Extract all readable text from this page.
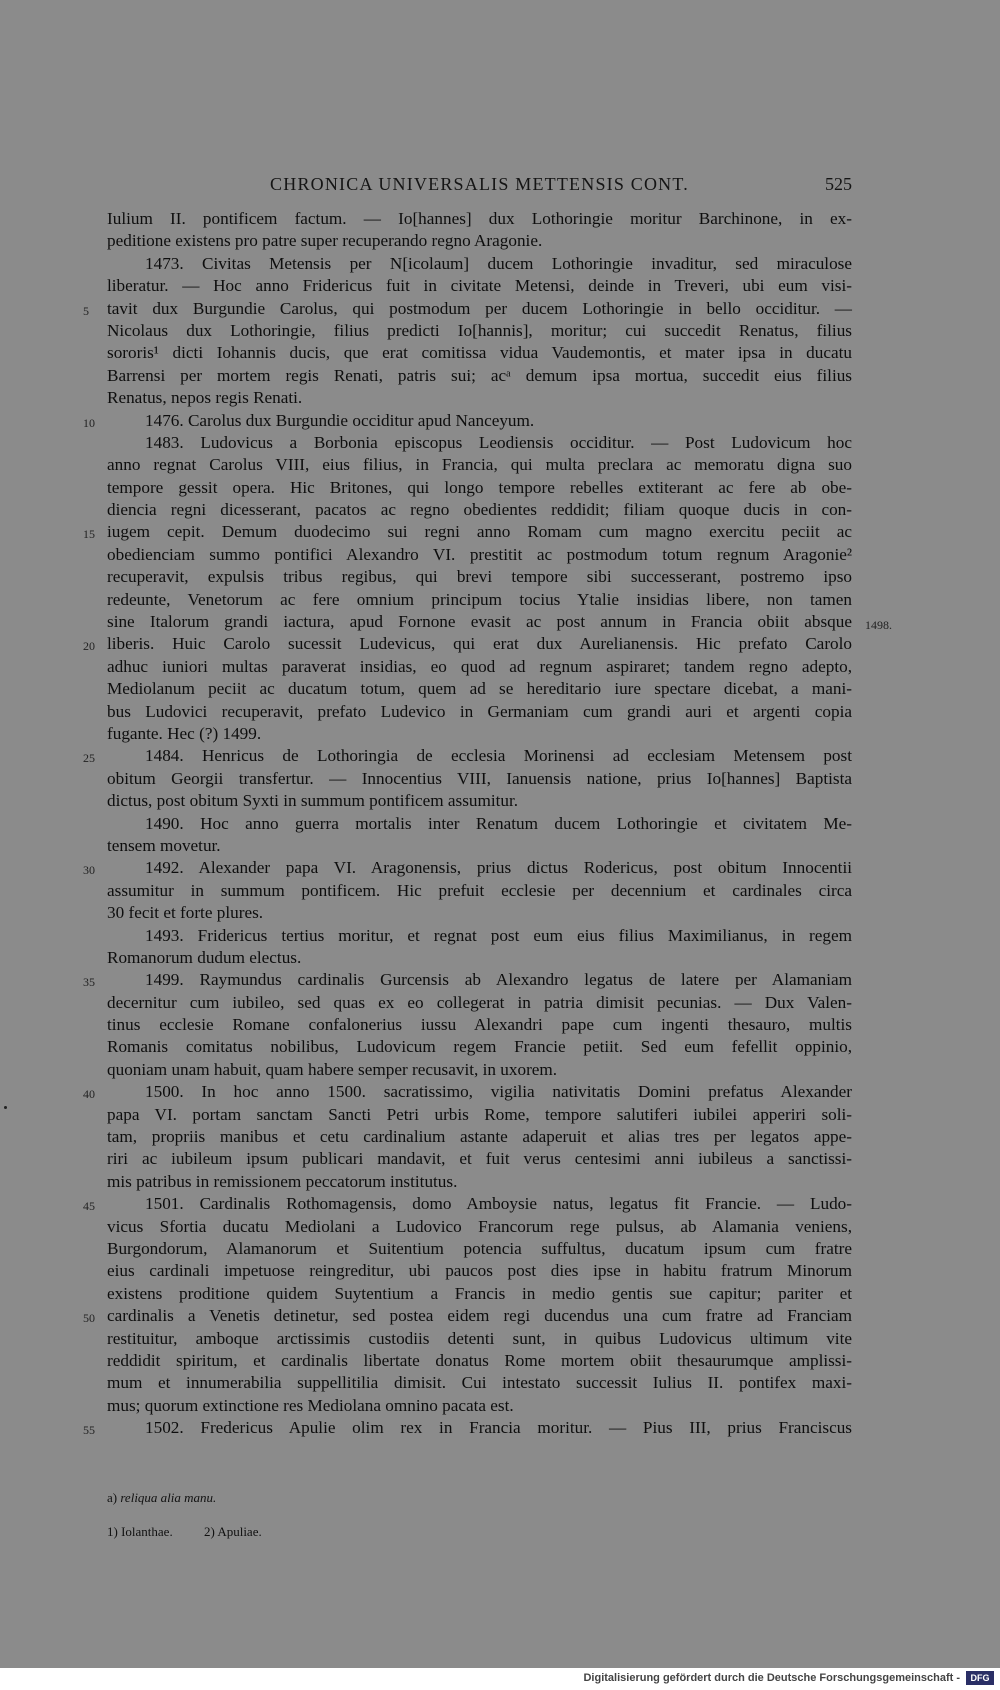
CHRONICA UNIVERSALIS METTENSIS CONT.	525
Iulium II. pontificem factum. — Io[hannes] dux Lothoringie moritur Barchinone, in ex-
peditione existens pro patre super recuperando regno Aragonie.
1473. Civitas Metensis per N[icolaum] ducem Lothoringie invaditur, sed miraculose
liberatur. — Hoc anno Fridericus fuit in civitate Metensi, deinde in Treveri, ubi eum visi-
tavit dux Burgundie Carolus, qui postmodum per ducem Lothoringie in bello occiditur. —
5
Nicolaus dux Lothoringie, filius predicti Io[hannis], moritur; cui succedit Renatus, filius
sororis¹ dicti Iohannis ducis, que erat comitissa vidua Vaudemontis, et mater ipsa in ducatu
Barrensi per mortem regis Renati, patris sui; acᵃ demum ipsa mortua, succedit eius filius
Renatus, nepos regis Renati.
1476. Carolus dux Burgundie occiditur apud Nanceyum.
10
1483. Ludovicus a Borbonia episcopus Leodiensis occiditur. — Post Ludovicum hoc
anno regnat Carolus VIII, eius filius, in Francia, qui multa preclara ac memoratu digna suo
tempore gessit opera. Hic Britones, qui longo tempore rebelles extiterant ac fere ab obe-
diencia regni dicesserant, pacatos ac regno obedientes reddidit; filiam quoque ducis in con-
iugem cepit. Demum duodecimo sui regni anno Romam cum magno exercitu peciit ac
15
obedienciam summo pontifici Alexandro VI. prestitit ac postmodum totum regnum Aragonie²
recuperavit, expulsis tribus regibus, qui brevi tempore sibi successerant, postremo ipso
redeunte, Venetorum ac fere omnium principum tocius Ytalie insidias libere, non tamen
sine Italorum grandi iactura, apud Fornone evasit ac post annum in Francia obiit absque 1498.
liberis. Huic Carolo sucessit Ludevicus, qui erat dux Aurelianensis. Hic prefato Carolo
20
adhuc iuniori multas paraverat insidias, eo quod ad regnum aspiraret; tandem regno adepto,
Mediolanum peciit ac ducatum totum, quem ad se hereditario iure spectare dicebat, a mani-
bus Ludovici recuperavit, prefato Ludevico in Germaniam cum grandi auri et argenti copia
fugante. Hec (?) 1499.
1484. Henricus de Lothoringia de ecclesia Morinensi ad ecclesiam Metensem post
25
obitum Georgii transfertur. — Innocentius VIII, Ianuensis natione, prius Io[hannes] Baptista
dictus, post obitum Syxti in summum pontificem assumitur.
1490. Hoc anno guerra mortalis inter Renatum ducem Lothoringie et civitatem Me-
tensem movetur.
1492. Alexander papa VI. Aragonensis, prius dictus Rodericus, post obitum Innocentii
30
assumitur in summum pontificem. Hic prefuit ecclesie per decennium et cardinales circa
30 fecit et forte plures.
1493. Fridericus tertius moritur, et regnat post eum eius filius Maximilianus, in regem
Romanorum dudum electus.
1499. Raymundus cardinalis Gurcensis ab Alexandro legatus de latere per Alamaniam
35
decernitur cum iubileo, sed quas ex eo collegerat in patria dimisit pecunias. — Dux Valen-
tinus ecclesie Romane confalonerius iussu Alexandri pape cum ingenti thesauro, multis
Romanis comitatus nobilibus, Ludovicum regem Francie petiit. Sed eum fefellit oppinio,
quoniam unam habuit, quam habere semper recusavit, in uxorem.
1500. In hoc anno 1500. sacratissimo, vigilia nativitatis Domini prefatus Alexander
40
papa VI. portam sanctam Sancti Petri urbis Rome, tempore salutiferi iubilei apperiri soli-
tam, propriis manibus et cetu cardinalium astante adaperuit et alias tres per legatos appe-
riri ac iubileum ipsum publicari mandavit, et fuit verus centesimi anni iubileus a sanctissi-
mis patribus in remissionem peccatorum institutus.
1501. Cardinalis Rothomagensis, domo Amboysie natus, legatus fit Francie. — Ludo-
45
vicus Sfortia ducatu Mediolani a Ludovico Francorum rege pulsus, ab Alamania veniens,
Burgondorum, Alamanorum et Suitentium potencia suffultus, ducatum ipsum cum fratre
eius cardinali impetuose reingreditur, ubi paucos post dies ipse in habitu fratrum Minorum
existens proditione quidem Suytentium a Francis in medio gentis sue capitur; pariter et
cardinalis a Venetis detinetur, sed postea eidem regi ducendus una cum fratre ad Franciam
50
restituitur, amboque arctissimis custodiis detenti sunt, in quibus Ludovicus ultimum vite
reddidit spiritum, et cardinalis libertate donatus Rome mortem obiit thesaurumque amplissi-
mum et innumerabilia suppellitilia dimisit. Cui intestato successit Iulius II. pontifex maxi-
mus; quorum extinctione res Mediolana omnino pacata est.
1502. Fredericus Apulie olim rex in Francia moritur. — Pius III, prius Franciscus
55
a) reliqua alia manu.
1) Iolanthae. 2) Apuliae.
Digitalisierung gefördert durch die Deutsche Forschungsgemeinschaft -	DFG
